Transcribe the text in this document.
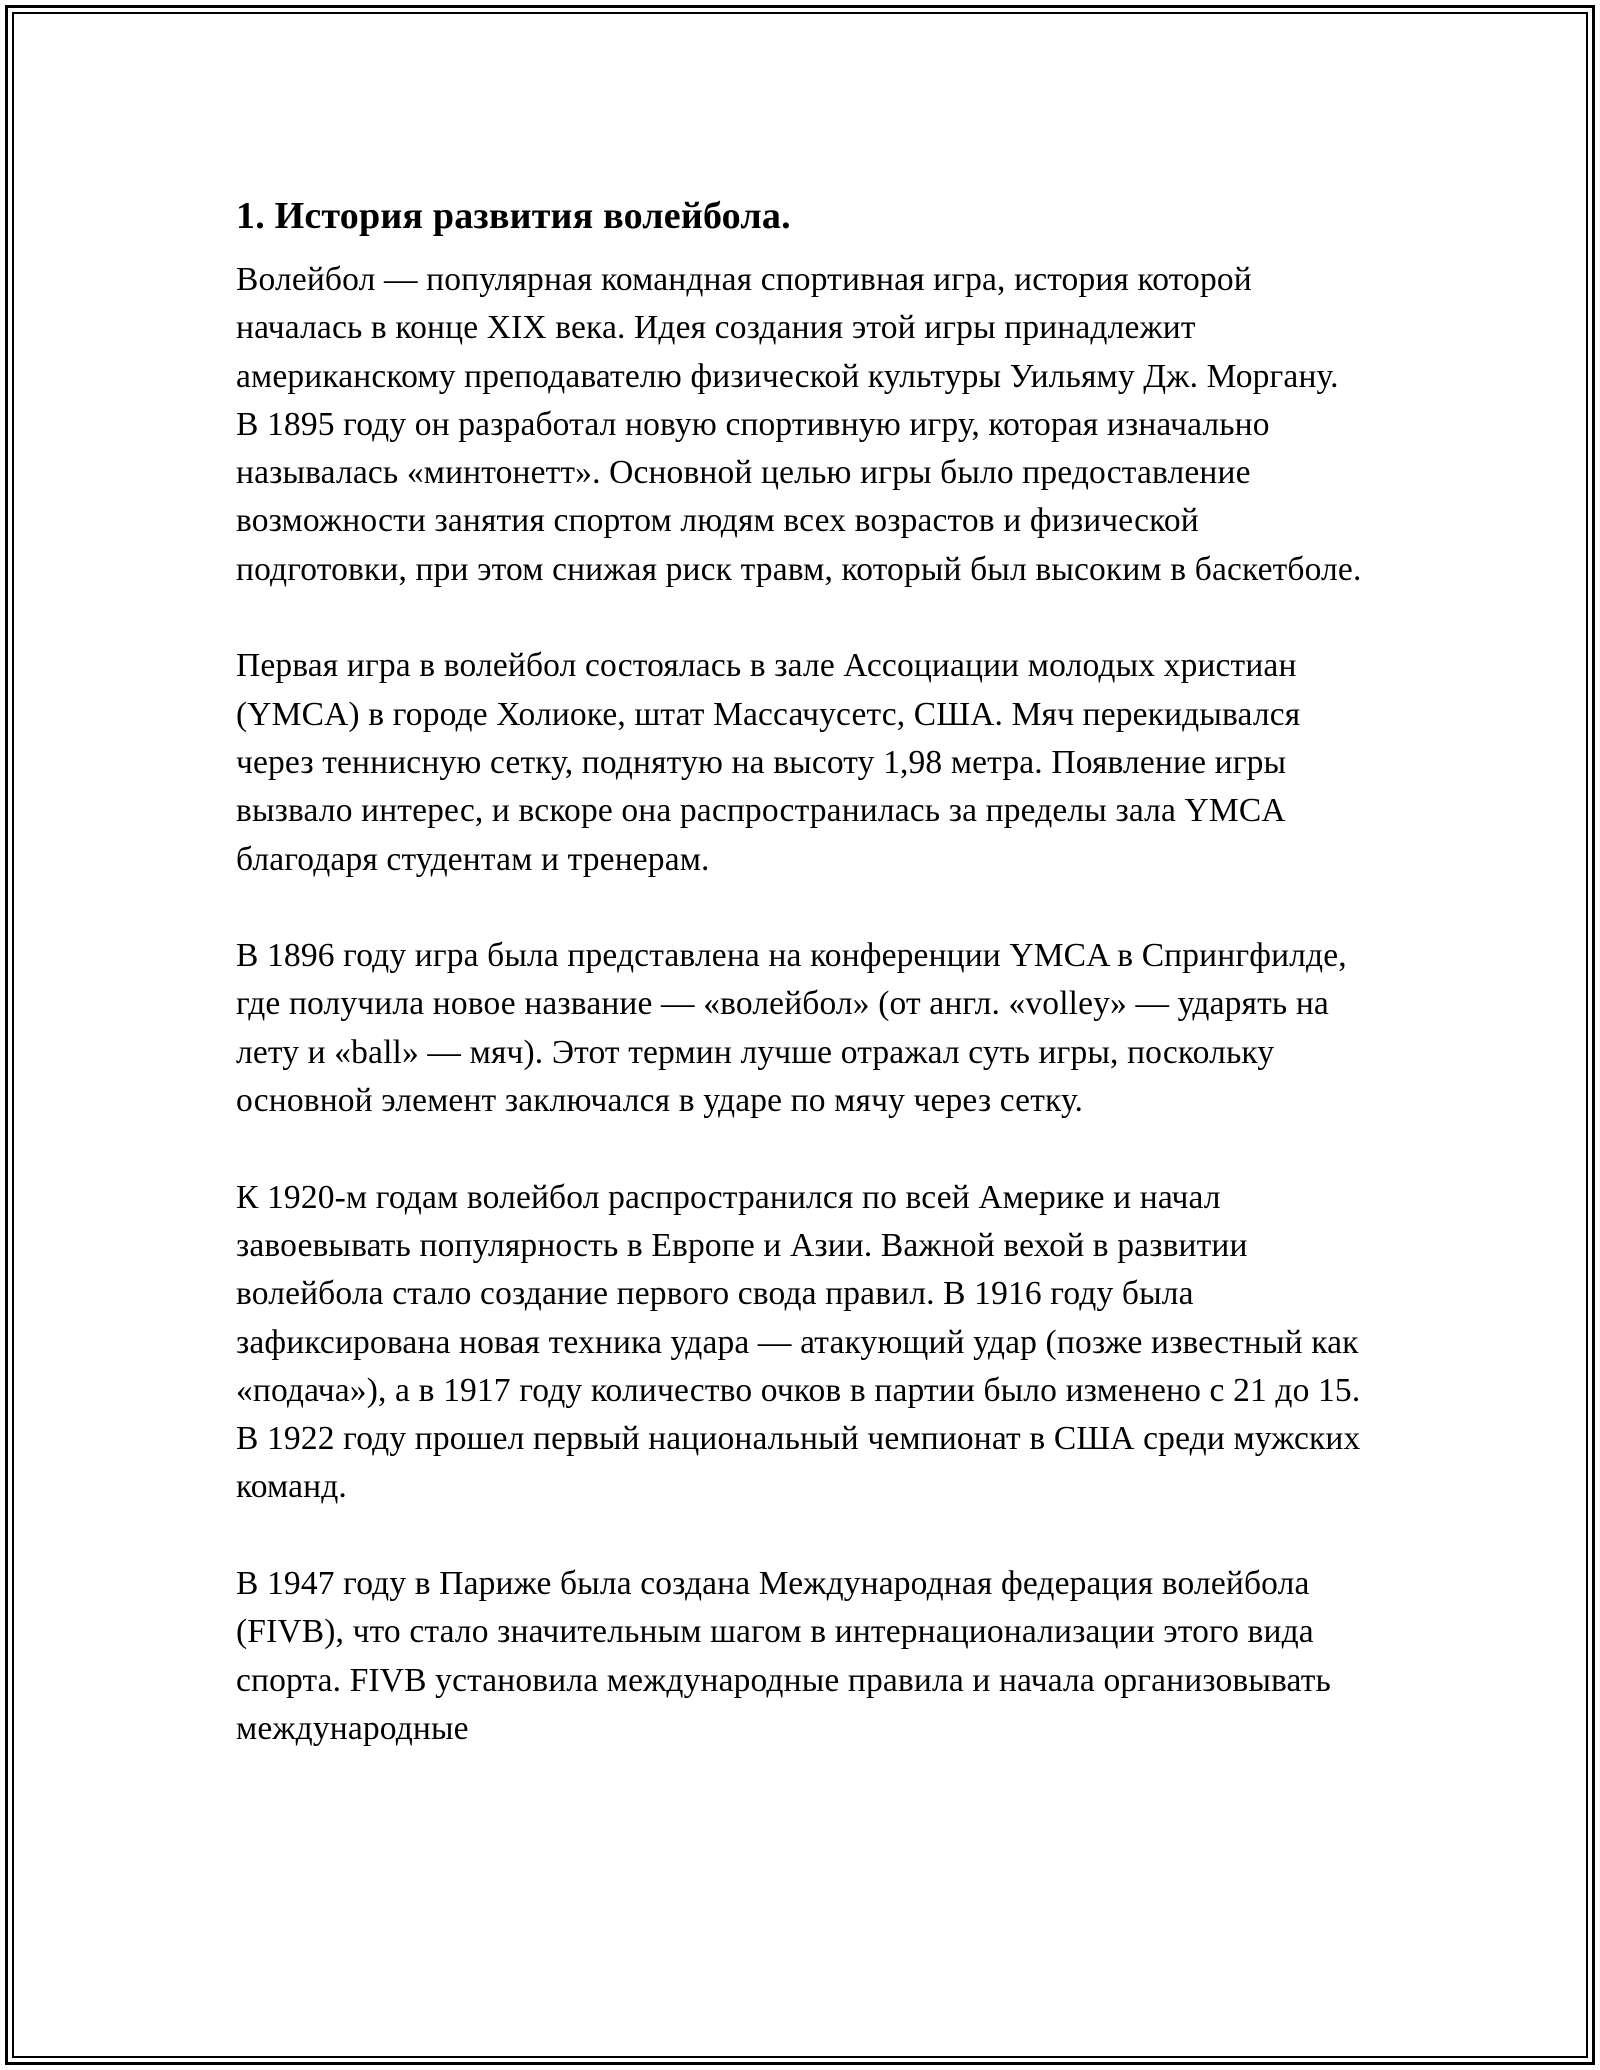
1. История развития волейбола.

Волейбол — популярная командная спортивная игра, история которой началась в конце XIX века. Идея создания этой игры принадлежит американскому преподавателю физической культуры Уильяму Дж. Моргану. В 1895 году он разработал новую спортивную игру, которая изначально называлась «минтонетт». Основной целью игры было предоставление возможности занятия спортом людям всех возрастов и физической подготовки, при этом снижая риск травм, который был высоким в баскетболе.

Первая игра в волейбол состоялась в зале Ассоциации молодых христиан (YMCA) в городе Холиоке, штат Массачусетс, США. Мяч перекидывался через теннисную сетку, поднятую на высоту 1,98 метра. Появление игры вызвало интерес, и вскоре она распространилась за пределы зала YMCA благодаря студентам и тренерам.

В 1896 году игра была представлена на конференции YMCA в Спрингфилде, где получила новое название — «волейбол» (от англ. «volley» — ударять на лету и «ball» — мяч). Этот термин лучше отражал суть игры, поскольку основной элемент заключался в ударе по мячу через сетку.

К 1920-м годам волейбол распространился по всей Америке и начал завоевывать популярность в Европе и Азии. Важной вехой в развитии волейбола стало создание первого свода правил. В 1916 году была зафиксирована новая техника удара — атакующий удар (позже известный как «подача»), а в 1917 году количество очков в партии было изменено с 21 до 15. В 1922 году прошел первый национальный чемпионат в США среди мужских команд.

В 1947 году в Париже была создана Международная федерация волейбола (FIVB), что стало значительным шагом в интернационализации этого вида спорта. FIVB установила международные правила и начала организовывать международные
